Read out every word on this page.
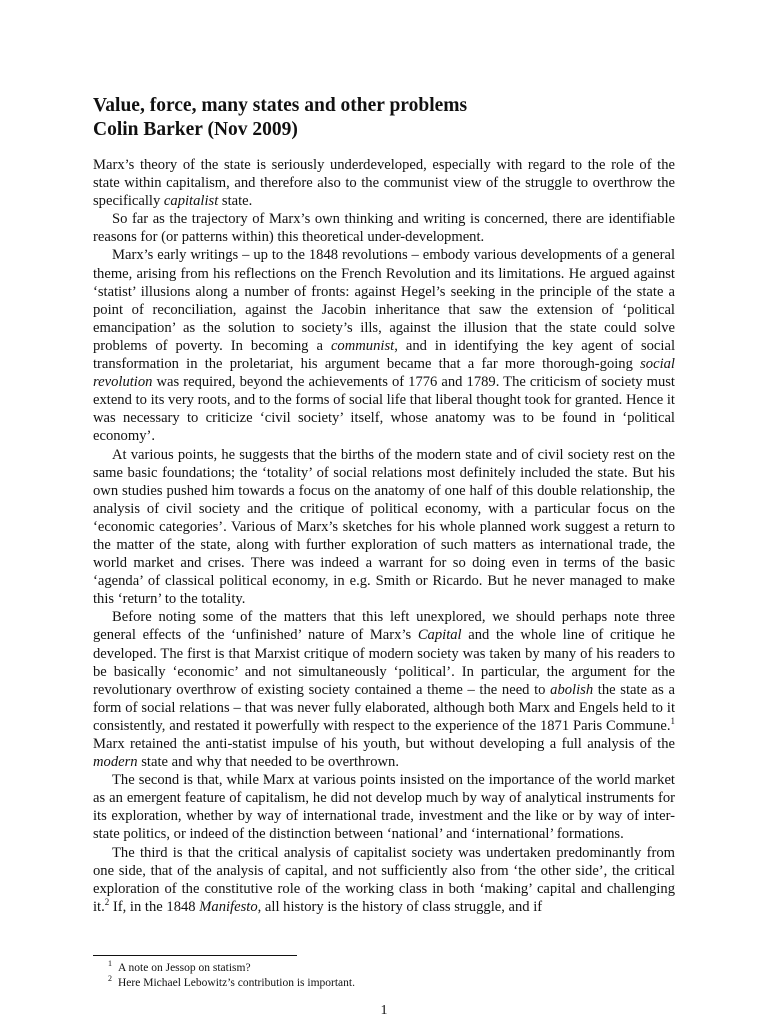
Value, force, many states and other problems
Colin Barker (Nov 2009)

Marx’s theory of the state is seriously underdeveloped, especially with regard to the role of the state within capitalism, and therefore also to the communist view of the struggle to overthrow the specifically capitalist state.

So far as the trajectory of Marx’s own thinking and writing is concerned, there are identifiable reasons for (or patterns within) this theoretical under-development.

Marx’s early writings – up to the 1848 revolutions – embody various developments of a general theme, arising from his reflections on the French Revolution and its limitations. He argued against ‘statist’ illusions along a number of fronts: against Hegel’s seeking in the principle of the state a point of reconciliation, against the Jacobin inheritance that saw the extension of ‘political emancipation’ as the solution to society’s ills, against the illusion that the state could solve problems of poverty. In becoming a communist, and in identifying the key agent of social transformation in the proletariat, his argument became that a far more thorough-going social revolution was required, beyond the achievements of 1776 and 1789. The criticism of society must extend to its very roots, and to the forms of social life that liberal thought took for granted. Hence it was necessary to criticize ‘civil society’ itself, whose anatomy was to be found in ‘political economy’.

At various points, he suggests that the births of the modern state and of civil society rest on the same basic foundations; the ‘totality’ of social relations most definitely included the state. But his own studies pushed him towards a focus on the anatomy of one half of this double relationship, the analysis of civil society and the critique of political economy, with a particular focus on the ‘economic categories’. Various of Marx’s sketches for his whole planned work suggest a return to the matter of the state, along with further exploration of such matters as international trade, the world market and crises. There was indeed a warrant for so doing even in terms of the basic ‘agenda’ of classical political economy, in e.g. Smith or Ricardo. But he never managed to make this ‘return’ to the totality.

Before noting some of the matters that this left unexplored, we should perhaps note three general effects of the ‘unfinished’ nature of Marx’s Capital and the whole line of critique he developed. The first is that Marxist critique of modern society was taken by many of his readers to be basically ‘economic’ and not simultaneously ‘political’. In particular, the argument for the revolutionary overthrow of existing society contained a theme – the need to abolish the state as a form of social relations – that was never fully elaborated, although both Marx and Engels held to it consistently, and restated it powerfully with respect to the experience of the 1871 Paris Commune.$^1$ Marx retained the anti-statist impulse of his youth, but without developing a full analysis of the modern state and why that needed to be overthrown.

The second is that, while Marx at various points insisted on the importance of the world market as an emergent feature of capitalism, he did not develop much by way of analytical instruments for its exploration, whether by way of international trade, investment and the like or by way of inter-state politics, or indeed of the distinction between ‘national’ and ‘international’ formations.

The third is that the critical analysis of capitalist society was undertaken predominantly from one side, that of the analysis of capital, and not sufficiently also from ‘the other side’, the critical exploration of the constitutive role of the working class in both ‘making’ capital and challenging it.$^2$ If, in the 1848 Manifesto, all history is the history of class struggle, and if

$^1$ A note on Jessop on statism?
$^2$ Here Michael Lebowitz’s contribution is important.
1
